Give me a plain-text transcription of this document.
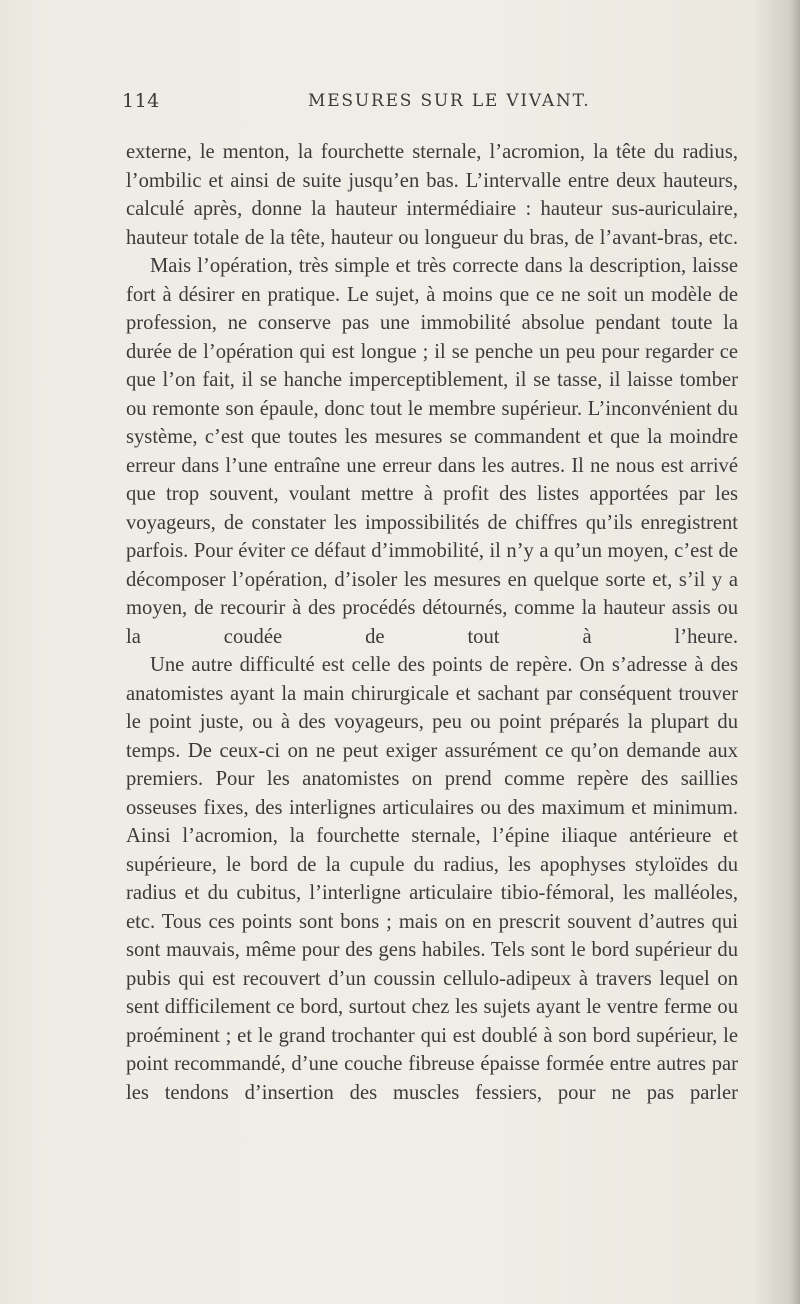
114	MESURES SUR LE VIVANT.

externe, le menton, la fourchette sternale, l’acromion, la tête du radius, l’ombilic et ainsi de suite jusqu’en bas. L’intervalle entre deux hauteurs, calculé après, donne la hauteur intermédiaire : hauteur sus-auriculaire, hauteur totale de la tête, hauteur ou longueur du bras, de l’avant-bras, etc.

Mais l’opération, très simple et très correcte dans la description, laisse fort à désirer en pratique. Le sujet, à moins que ce ne soit un modèle de profession, ne conserve pas une immobilité absolue pendant toute la durée de l’opération qui est longue ; il se penche un peu pour regarder ce que l’on fait, il se hanche imperceptiblement, il se tasse, il laisse tomber ou remonte son épaule, donc tout le membre supérieur. L’inconvénient du système, c’est que toutes les mesures se commandent et que la moindre erreur dans l’une entraîne une erreur dans les autres. Il ne nous est arrivé que trop souvent, voulant mettre à profit des listes apportées par les voyageurs, de constater les impossibilités de chiffres qu’ils enregistrent parfois. Pour éviter ce défaut d’immobilité, il n’y a qu’un moyen, c’est de décomposer l’opération, d’isoler les mesures en quelque sorte et, s’il y a moyen, de recourir à des procédés détournés, comme la hauteur assis ou la coudée de tout à l’heure.

Une autre difficulté est celle des points de repère. On s’adresse à des anatomistes ayant la main chirurgicale et sachant par conséquent trouver le point juste, ou à des voyageurs, peu ou point préparés la plupart du temps. De ceux-ci on ne peut exiger assurément ce qu’on demande aux premiers. Pour les anatomistes on prend comme repère des saillies osseuses fixes, des interlignes articulaires ou des maximum et minimum. Ainsi l’acromion, la fourchette sternale, l’épine iliaque antérieure et supérieure, le bord de la cupule du radius, les apophyses styloïdes du radius et du cubitus, l’interligne articulaire tibio-fémoral, les malléoles, etc. Tous ces points sont bons ; mais on en prescrit souvent d’autres qui sont mauvais, même pour des gens habiles. Tels sont le bord supérieur du pubis qui est recouvert d’un coussin cellulo-adipeux à travers lequel on sent difficilement ce bord, surtout chez les sujets ayant le ventre ferme ou proéminent ; et le grand trochanter qui est doublé à son bord supérieur, le point recommandé, d’une couche fibreuse épaisse formée entre autres par les tendons d’insertion des muscles fessiers, pour ne pas parler
